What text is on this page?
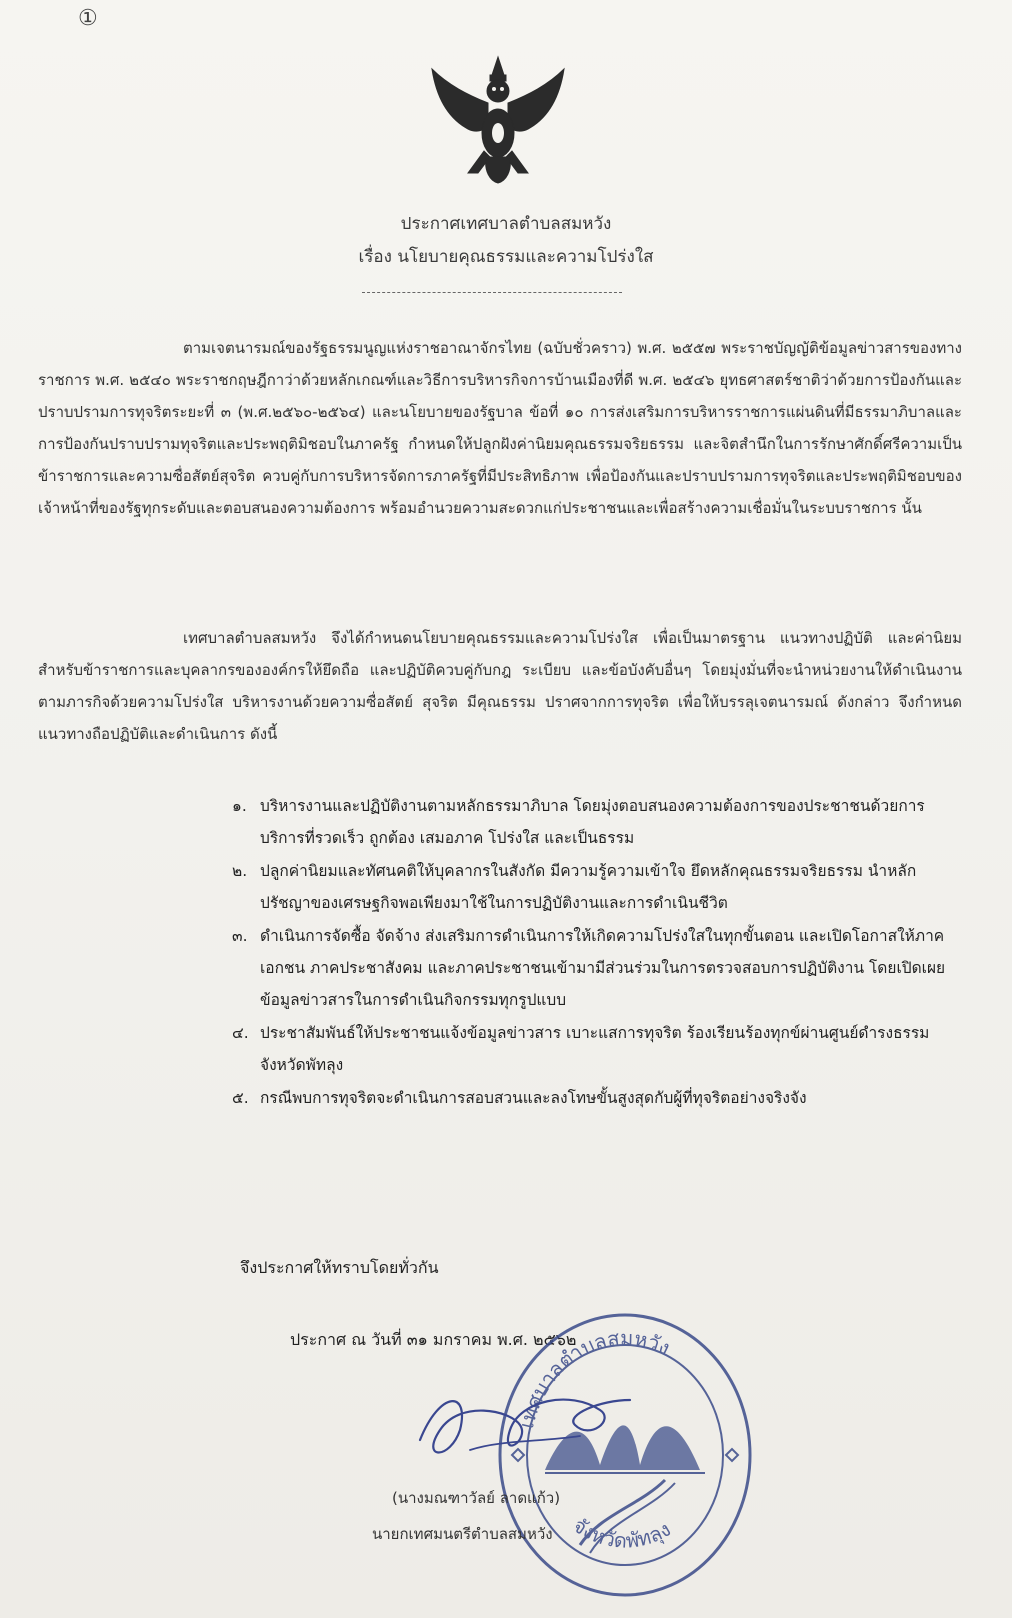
①
ประกาศเทศบาลตำบลสมหวัง
เรื่อง นโยบายคุณธรรมและความโปร่งใส
ตามเจตนารมณ์ของรัฐธรรมนูญแห่งราชอาณาจักรไทย (ฉบับชั่วคราว) พ.ศ. ๒๕๕๗ พระราชบัญญัติข้อมูลข่าวสารของทางราชการ พ.ศ. ๒๕๔๐ พระราชกฤษฎีกาว่าด้วยหลักเกณฑ์และวิธีการบริหารกิจการบ้านเมืองที่ดี พ.ศ. ๒๕๔๖ ยุทธศาสตร์ชาติว่าด้วยการป้องกันและปราบปรามการทุจริตระยะที่ ๓ (พ.ศ.๒๕๖๐-๒๕๖๔) และนโยบายของรัฐบาล ข้อที่ ๑๐ การส่งเสริมการบริหารราชการแผ่นดินที่มีธรรมาภิบาลและการป้องกันปราบปรามทุจริตและประพฤติมิชอบในภาครัฐ กำหนดให้ปลูกฝังค่านิยมคุณธรรมจริยธรรม และจิตสำนึกในการรักษาศักดิ์ศรีความเป็นข้าราชการและความซื่อสัตย์สุจริต ควบคู่กับการบริหารจัดการภาครัฐที่มีประสิทธิภาพ เพื่อป้องกันและปราบปรามการทุจริตและประพฤติมิชอบของเจ้าหน้าที่ของรัฐทุกระดับและตอบสนองความต้องการ พร้อมอำนวยความสะดวกแก่ประชาชนและเพื่อสร้างความเชื่อมั่นในระบบราชการ นั้น
เทศบาลตำบลสมหวัง จึงได้กำหนดนโยบายคุณธรรมและความโปร่งใส เพื่อเป็นมาตรฐาน แนวทางปฏิบัติ และค่านิยมสำหรับข้าราชการและบุคลากรขององค์กรให้ยึดถือ และปฏิบัติควบคู่กับกฎ ระเบียบ และข้อบังคับอื่นๆ โดยมุ่งมั่นที่จะนำหน่วยงานให้ดำเนินงานตามภารกิจด้วยความโปร่งใส บริหารงานด้วยความซื่อสัตย์ สุจริต มีคุณธรรม ปราศจากการทุจริต เพื่อให้บรรลุเจตนารมณ์ ดังกล่าว จึงกำหนดแนวทางถือปฏิบัติและดำเนินการ ดังนี้
๑. บริหารงานและปฏิบัติงานตามหลักธรรมาภิบาล โดยมุ่งตอบสนองความต้องการของประชาชนด้วยการบริการที่รวดเร็ว ถูกต้อง เสมอภาค โปร่งใส และเป็นธรรม
๒. ปลูกค่านิยมและทัศนคติให้บุคลากรในสังกัด มีความรู้ความเข้าใจ ยึดหลักคุณธรรมจริยธรรม นำหลักปรัชญาของเศรษฐกิจพอเพียงมาใช้ในการปฏิบัติงานและการดำเนินชีวิต
๓. ดำเนินการจัดซื้อ จัดจ้าง ส่งเสริมการดำเนินการให้เกิดความโปร่งใสในทุกขั้นตอน และเปิดโอกาสให้ภาคเอกชน ภาคประชาสังคม และภาคประชาชนเข้ามามีส่วนร่วมในการตรวจสอบการปฏิบัติงาน โดยเปิดเผยข้อมูลข่าวสารในการดำเนินกิจกรรมทุกรูปแบบ
๔. ประชาสัมพันธ์ให้ประชาชนแจ้งข้อมูลข่าวสาร เบาะแสการทุจริต ร้องเรียนร้องทุกข์ผ่านศูนย์ดำรงธรรมจังหวัดพัทลุง
๕. กรณีพบการทุจริตจะดำเนินการสอบสวนและลงโทษขั้นสูงสุดกับผู้ที่ทุจริตอย่างจริงจัง
จึงประกาศให้ทราบโดยทั่วกัน
ประกาศ ณ วันที่ ๓๑ มกราคม พ.ศ. ๒๕๖๒
เทศบาลตำบลสมหวัง
จังหวัดพัทลุง
(นางมณฑาวัลย์ ลาดแก้ว)
นายกเทศมนตรีตำบลสมหวัง
